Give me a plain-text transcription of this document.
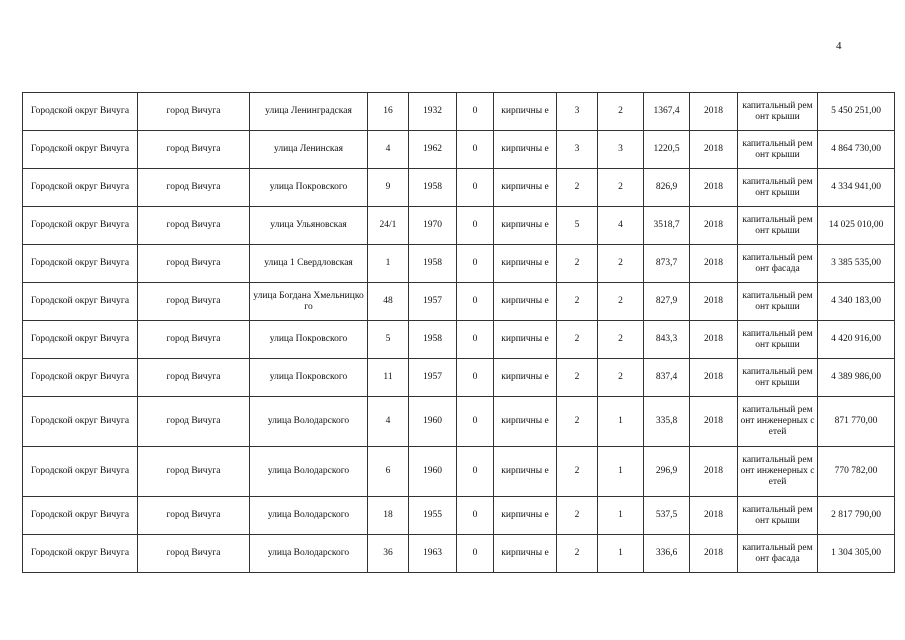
4
Городской округ Вичуга	город Вичуга	улица Ленинградская	16	1932	0	кирпичны е	3	2	1367,4	2018	капитальный ремонт крыши	5 450 251,00
Городской округ Вичуга	город Вичуга	улица Ленинская	4	1962	0	кирпичны е	3	3	1220,5	2018	капитальный ремонт крыши	4 864 730,00
Городской округ Вичуга	город Вичуга	улица Покровского	9	1958	0	кирпичны е	2	2	826,9	2018	капитальный ремонт крыши	4 334 941,00
Городской округ Вичуга	город Вичуга	улица Ульяновская	24/1	1970	0	кирпичны е	5	4	3518,7	2018	капитальный ремонт крыши	14 025 010,00
Городской округ Вичуга	город Вичуга	улица 1 Свердловская	1	1958	0	кирпичны е	2	2	873,7	2018	капитальный ремонт фасада	3 385 535,00
Городской округ Вичуга	город Вичуга	улица Богдана Хмельницкого	48	1957	0	кирпичны е	2	2	827,9	2018	капитальный ремонт крыши	4 340 183,00
Городской округ Вичуга	город Вичуга	улица Покровского	5	1958	0	кирпичны е	2	2	843,3	2018	капитальный ремонт крыши	4 420 916,00
Городской округ Вичуга	город Вичуга	улица Покровского	11	1957	0	кирпичны е	2	2	837,4	2018	капитальный ремонт крыши	4 389 986,00
Городской округ Вичуга	город Вичуга	улица Володарского	4	1960	0	кирпичны е	2	1	335,8	2018	капитальный ремонт инженерных сетей	871 770,00
Городской округ Вичуга	город Вичуга	улица Володарского	6	1960	0	кирпичны е	2	1	296,9	2018	капитальный ремонт инженерных сетей	770 782,00
Городской округ Вичуга	город Вичуга	улица Володарского	18	1955	0	кирпичны е	2	1	537,5	2018	капитальный ремонт крыши	2 817 790,00
Городской округ Вичуга	город Вичуга	улица Володарского	36	1963	0	кирпичны е	2	1	336,6	2018	капитальный ремонт фасада	1 304 305,00
